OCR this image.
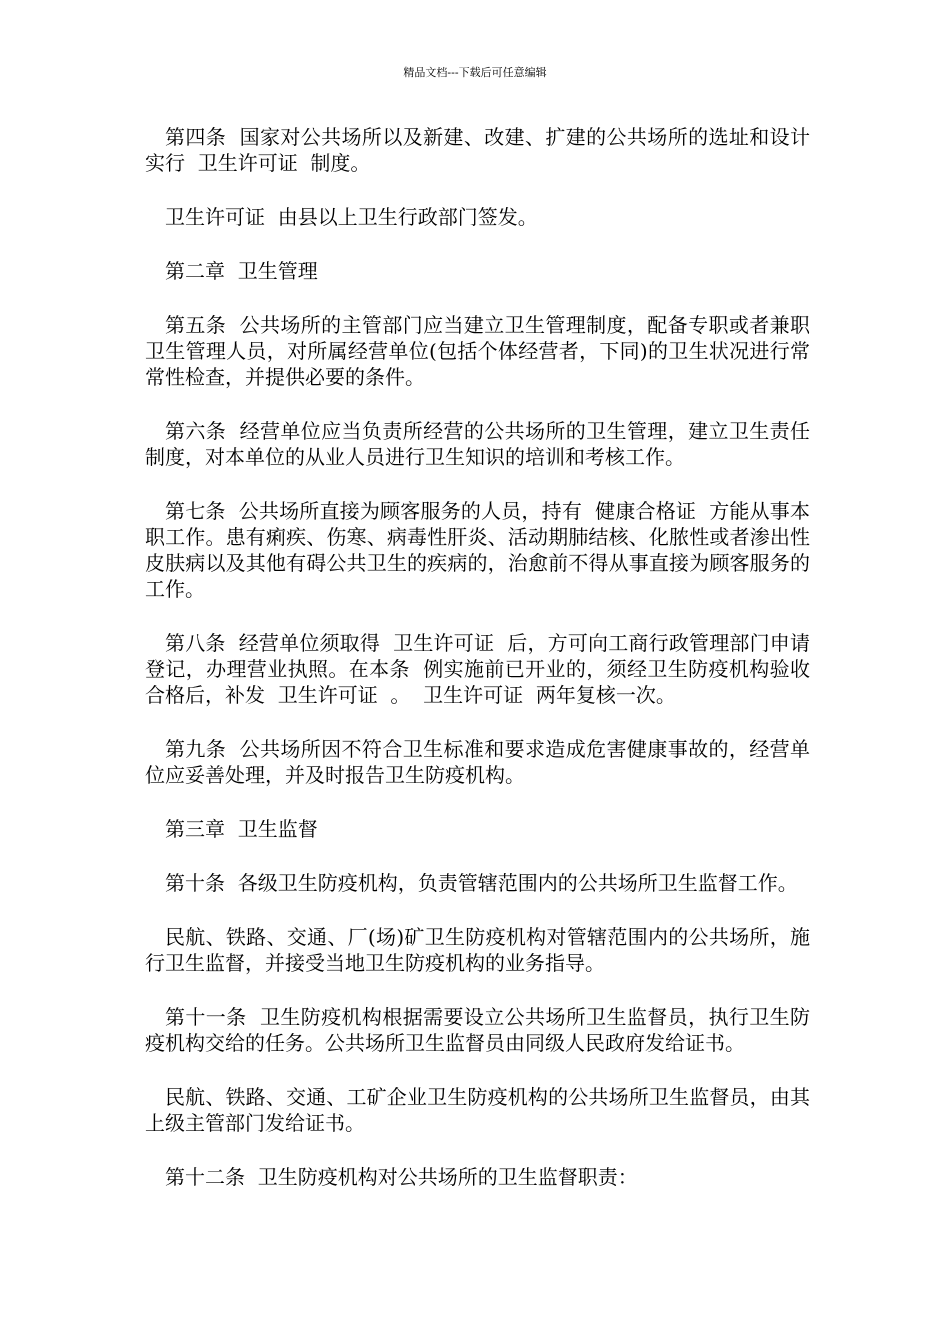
精品文档---下载后可任意编辑

第四条  国家对公共场所以及新建、改建、扩建的公共场所的选址和设计实行  卫生许可证  制度。

卫生许可证  由县以上卫生行政部门签发。

第二章  卫生管理

第五条  公共场所的主管部门应当建立卫生管理制度，配备专职或者兼职卫生管理人员，对所属经营单位(包括个体经营者，下同)的卫生状况进行常常性检查，并提供必要的条件。

第六条  经营单位应当负责所经营的公共场所的卫生管理，建立卫生责任制度，对本单位的从业人员进行卫生知识的培训和考核工作。

第七条  公共场所直接为顾客服务的人员，持有  健康合格证  方能从事本职工作。患有痢疾、伤寒、病毒性肝炎、活动期肺结核、化脓性或者渗出性皮肤病以及其他有碍公共卫生的疾病的，治愈前不得从事直接为顾客服务的工作。

第八条  经营单位须取得  卫生许可证  后，方可向工商行政管理部门申请登记，办理营业执照。在本条  例实施前已开业的，须经卫生防疫机构验收合格后，补发  卫生许可证  。  卫生许可证  两年复核一次。

第九条  公共场所因不符合卫生标准和要求造成危害健康事故的，经营单位应妥善处理，并及时报告卫生防疫机构。

第三章  卫生监督

第十条  各级卫生防疫机构，负责管辖范围内的公共场所卫生监督工作。

民航、铁路、交通、厂(场)矿卫生防疫机构对管辖范围内的公共场所，施行卫生监督，并接受当地卫生防疫机构的业务指导。

第十一条  卫生防疫机构根据需要设立公共场所卫生监督员，执行卫生防疫机构交给的任务。公共场所卫生监督员由同级人民政府发给证书。

民航、铁路、交通、工矿企业卫生防疫机构的公共场所卫生监督员，由其上级主管部门发给证书。

第十二条  卫生防疫机构对公共场所的卫生监督职责：
